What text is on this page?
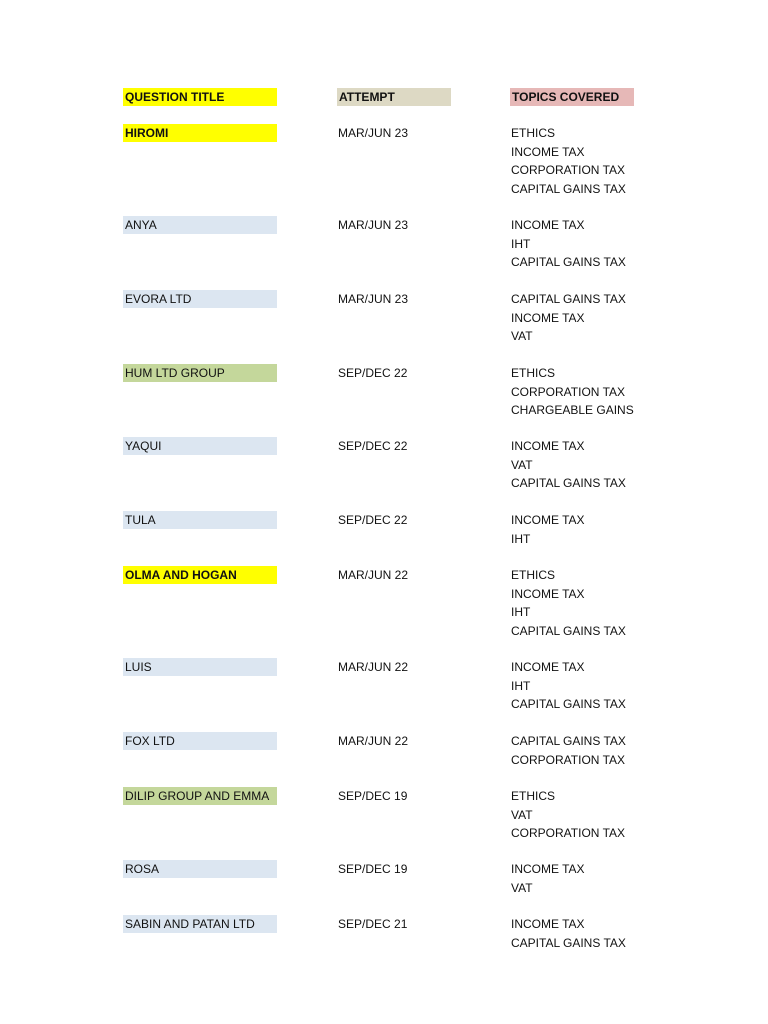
QUESTION TITLE	ATTEMPT	TOPICS COVERED
HIROMI	MAR/JUN 23	ETHICS
INCOME TAX
CORPORATION TAX
CAPITAL GAINS TAX
ANYA	MAR/JUN 23	INCOME TAX
IHT
CAPITAL GAINS TAX
EVORA LTD	MAR/JUN 23	CAPITAL GAINS TAX
INCOME TAX
VAT
HUM LTD GROUP	SEP/DEC 22	ETHICS
CORPORATION TAX
CHARGEABLE GAINS
YAQUI	SEP/DEC 22	INCOME TAX
VAT
CAPITAL GAINS TAX
TULA	SEP/DEC 22	INCOME TAX
IHT
OLMA AND HOGAN	MAR/JUN 22	ETHICS
INCOME TAX
IHT
CAPITAL GAINS TAX
LUIS	MAR/JUN 22	INCOME TAX
IHT
CAPITAL GAINS TAX
FOX LTD	MAR/JUN 22	CAPITAL GAINS TAX
CORPORATION TAX
DILIP GROUP AND EMMA	SEP/DEC 19	ETHICS
VAT
CORPORATION TAX
ROSA	SEP/DEC 19	INCOME TAX
VAT
SABIN AND PATAN LTD	SEP/DEC 21	INCOME TAX
CAPITAL GAINS TAX
